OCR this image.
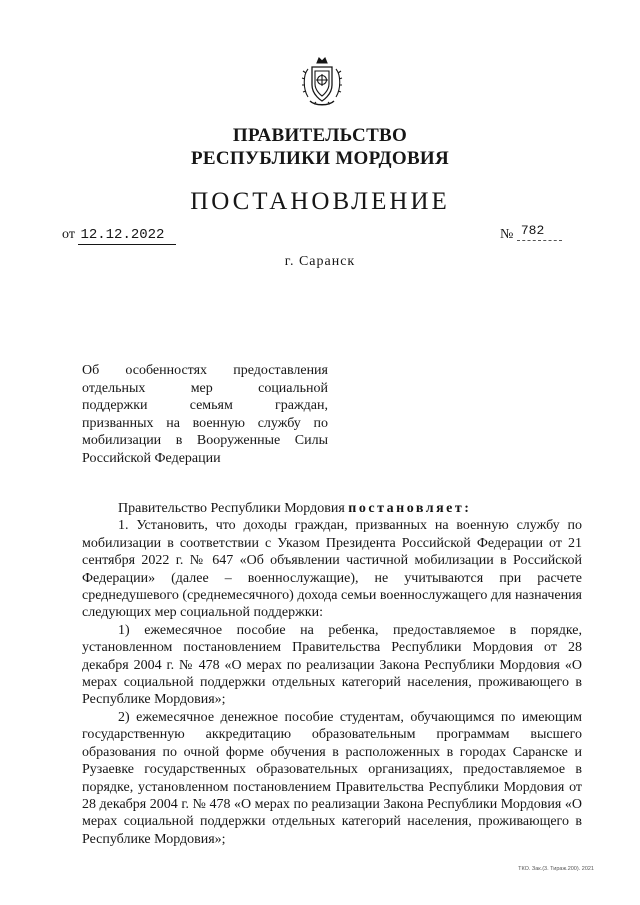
ПРАВИТЕЛЬСТВО
РЕСПУБЛИКИ МОРДОВИЯ
ПОСТАНОВЛЕНИЕ
от 12.12.2022	№ 782
г. Саранск
Об особенностях предоставления
отдельных мер социальной
поддержки семьям граждан,
призванных на военную службу по
мобилизации в Вооруженные Силы
Российской Федерации

Правительство Республики Мордовия постановляет:

1. Установить, что доходы граждан, призванных на военную службу по мобилизации в соответствии с Указом Президента Российской Федерации от 21 сентября 2022 г. № 647 «Об объявлении частичной мобилизации в Российской Федерации» (далее – военнослужащие), не учитываются при расчете среднедушевого (среднемесячного) дохода семьи военнослужащего для назначения следующих мер социальной поддержки:

1) ежемесячное пособие на ребенка, предоставляемое в порядке, установленном постановлением Правительства Республики Мордовия от 28 декабря 2004 г. № 478 «О мерах по реализации Закона Республики Мордовия «О мерах социальной поддержки отдельных категорий населения, проживающего в Республике Мордовия»;

2) ежемесячное денежное пособие студентам, обучающимся по имеющим государственную аккредитацию образовательным программам высшего образования по очной форме обучения в расположенных в городах Саранске и Рузаевке государственных образовательных организациях, предоставляемое в порядке, установленном постановлением Правительства Республики Мордовия от 28 декабря 2004 г. № 478 «О мерах по реализации Закона Республики Мордовия «О мерах социальной поддержки отдельных категорий населения, проживающего в Республике Мордовия»;

ТКО. Зак.(3. Тираж.200). 2021
